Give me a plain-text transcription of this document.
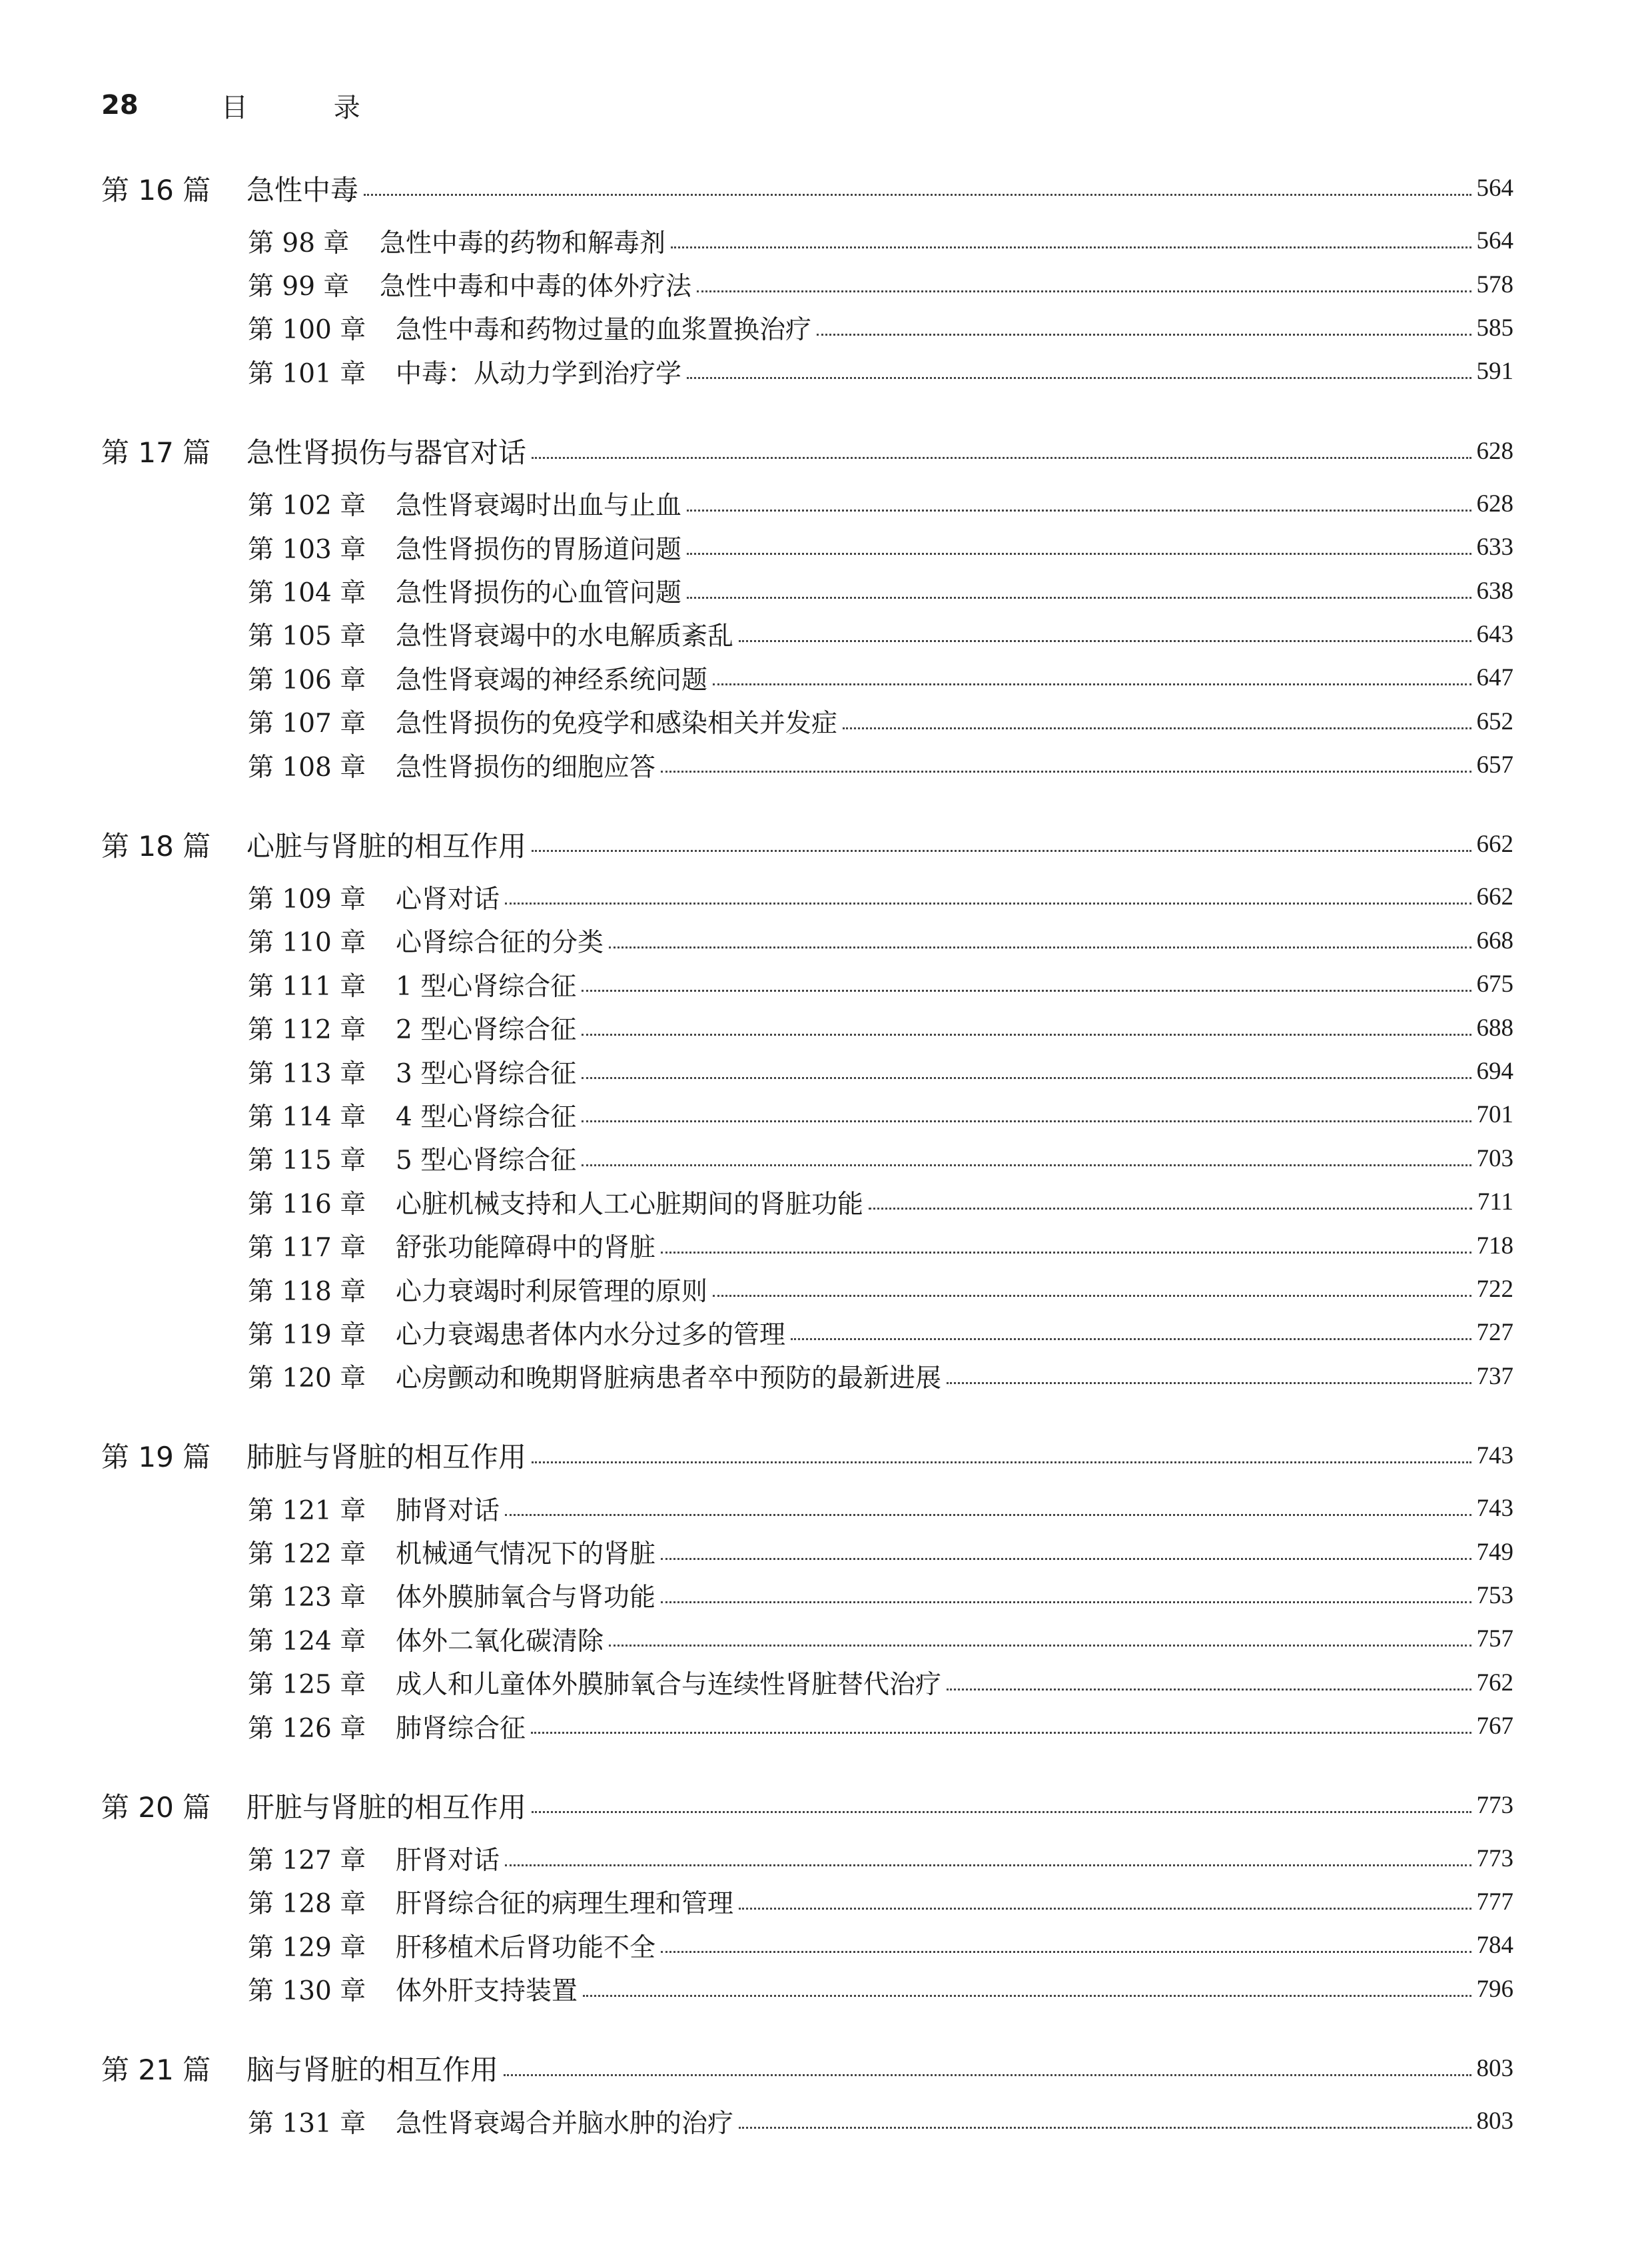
28	目 录
第 16 篇	急性中毒	564
第 98 章	急性中毒的药物和解毒剂	564
第 99 章	急性中毒和中毒的体外疗法	578
第 100 章	急性中毒和药物过量的血浆置换治疗	585
第 101 章	中毒：从动力学到治疗学	591
第 17 篇	急性肾损伤与器官对话	628
第 102 章	急性肾衰竭时出血与止血	628
第 103 章	急性肾损伤的胃肠道问题	633
第 104 章	急性肾损伤的心血管问题	638
第 105 章	急性肾衰竭中的水电解质紊乱	643
第 106 章	急性肾衰竭的神经系统问题	647
第 107 章	急性肾损伤的免疫学和感染相关并发症	652
第 108 章	急性肾损伤的细胞应答	657
第 18 篇	心脏与肾脏的相互作用	662
第 109 章	心肾对话	662
第 110 章	心肾综合征的分类	668
第 111 章	1 型心肾综合征	675
第 112 章	2 型心肾综合征	688
第 113 章	3 型心肾综合征	694
第 114 章	4 型心肾综合征	701
第 115 章	5 型心肾综合征	703
第 116 章	心脏机械支持和人工心脏期间的肾脏功能	711
第 117 章	舒张功能障碍中的肾脏	718
第 118 章	心力衰竭时利尿管理的原则	722
第 119 章	心力衰竭患者体内水分过多的管理	727
第 120 章	心房颤动和晚期肾脏病患者卒中预防的最新进展	737
第 19 篇	肺脏与肾脏的相互作用	743
第 121 章	肺肾对话	743
第 122 章	机械通气情况下的肾脏	749
第 123 章	体外膜肺氧合与肾功能	753
第 124 章	体外二氧化碳清除	757
第 125 章	成人和儿童体外膜肺氧合与连续性肾脏替代治疗	762
第 126 章	肺肾综合征	767
第 20 篇	肝脏与肾脏的相互作用	773
第 127 章	肝肾对话	773
第 128 章	肝肾综合征的病理生理和管理	777
第 129 章	肝移植术后肾功能不全	784
第 130 章	体外肝支持装置	796
第 21 篇	脑与肾脏的相互作用	803
第 131 章	急性肾衰竭合并脑水肿的治疗	803
